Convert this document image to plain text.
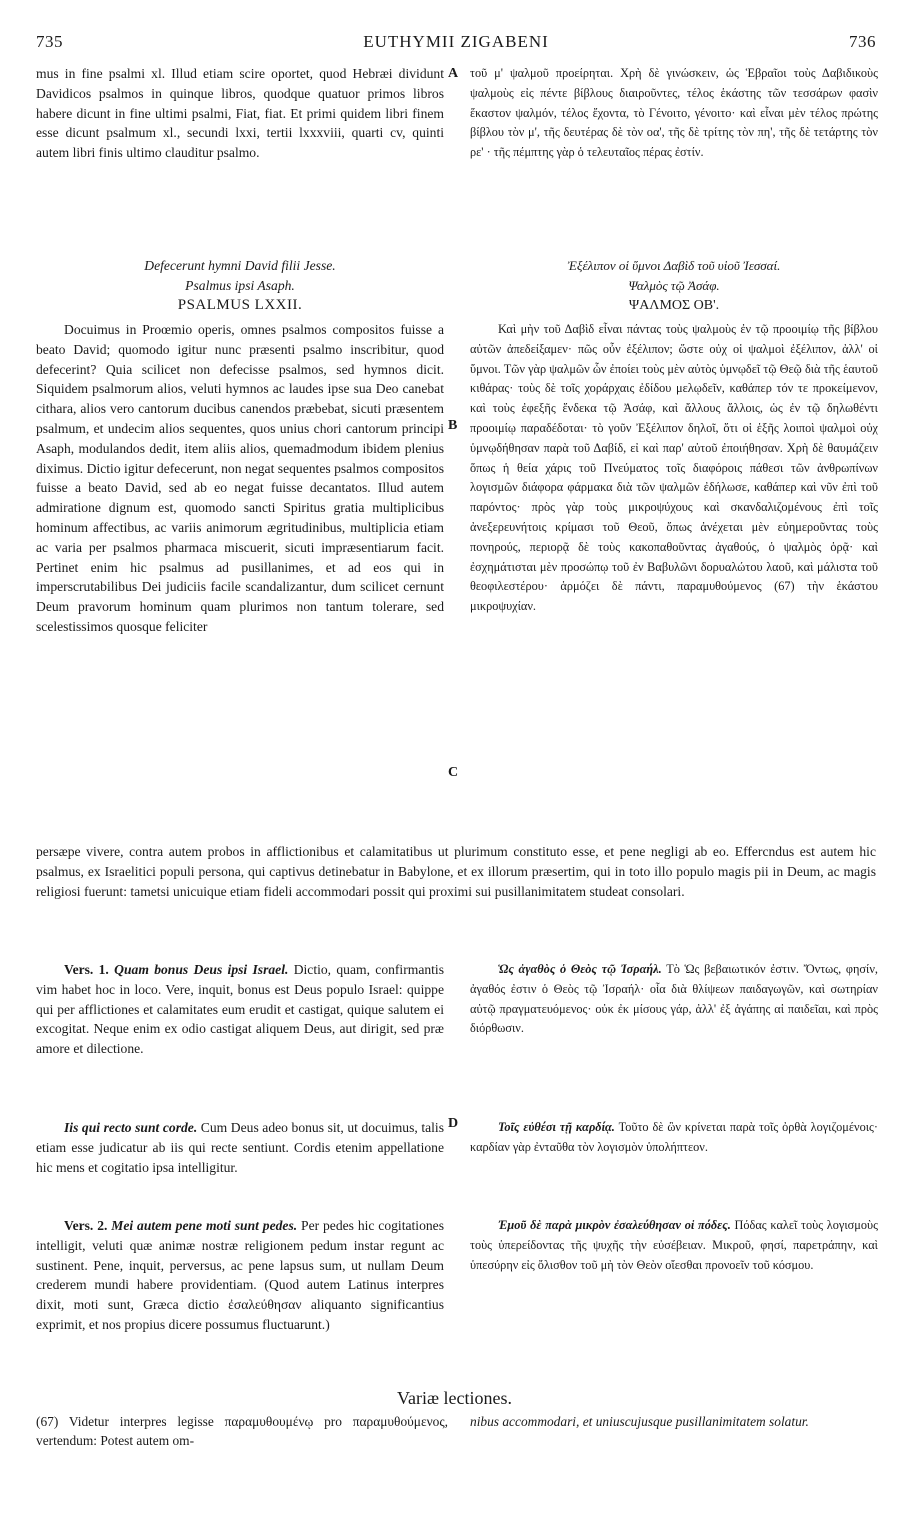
735	EUTHYMII ZIGABENI	736
A
B
C
D

mus in fine psalmi xl. Illud etiam scire oportet, quod Hebræi dividunt Davidicos psalmos in quinque libros, quodque quatuor primos libros habere dicunt in fine ultimi psalmi, Fiat, fiat. Et primi quidem libri finem esse dicunt psalmum xl., secundi lxxi, tertii lxxxviii, quarti cv, quinti autem libri finis ultimo clauditur psalmo.

τοῦ μ' ψαλμοῦ προείρηται. Χρὴ δὲ γινώσκειν, ὡς Ἑβραῖοι τοὺς Δαβιδικοὺς ψαλμοὺς εἰς πέντε βίβλους διαιροῦντες, τέλος ἑκάστης τῶν τεσσάρων φασὶν ἕκαστον ψαλμόν, τέλος ἔχοντα, τὸ Γένοιτο, γένοιτο· καὶ εἶναι μὲν τέλος πρώτης βίβλου τὸν μ', τῆς δευτέρας δὲ τὸν οα', τῆς δὲ τρίτης τὸν πη', τῆς δὲ τετάρτης τὸν ρε' · τῆς πέμπτης γὰρ ὁ τελευταῖος πέρας ἐστίν.

Defecerunt hymni David filii Jesse.

Psalmus ipsi Asaph.

PSALMUS LXXII.

Ἐξέλιπον οἱ ὕμνοι Δαβὶδ τοῦ υἱοῦ Ἰεσσαί.

Ψαλμὸς τῷ Ἀσάφ.

ΨΑΛΜΟΣ ΟΒ'.

Docuimus in Proœmio operis, omnes psalmos compositos fuisse a beato David; quomodo igitur nunc præsenti psalmo inscribitur, quod defecerint? Quia scilicet non defecisse psalmos, sed hymnos dicit. Siquidem psalmorum alios, veluti hymnos ac laudes ipse sua Deo canebat cithara, alios vero cantorum ducibus canendos præbebat, sicuti præsentem psalmum, et undecim alios sequentes, quos unius chori cantorum principi Asaph, modulandos dedit, item aliis alios, quemadmodum ibidem plenius diximus. Dictio igitur defecerunt, non negat sequentes psalmos compositos fuisse a beato David, sed ab eo negat fuisse decantatos. Illud autem admiratione dignum est, quomodo sancti Spiritus gratia multiplicibus hominum affectibus, ac variis animorum ægritudinibus, multiplicia etiam ac varia per psalmos pharmaca miscuerit, sicuti impræsentiarum facit. Pertinet enim hic psalmus ad pusillanimes, et ad eos qui in imperscrutabilibus Dei judiciis facile scandalizantur, dum scilicet cernunt Deum pravorum hominum quam plurimos non tantum tolerare, sed scelestissimos quosque feliciter

Καὶ μὴν τοῦ Δαβὶδ εἶναι πάντας τοὺς ψαλμοὺς ἐν τῷ προοιμίῳ τῆς βίβλου αὐτῶν ἀπεδείξαμεν· πῶς οὖν ἐξέλιπον; ὥστε οὐχ οἱ ψαλμοὶ ἐξέλιπον, ἀλλ' οἱ ὕμνοι. Τῶν γὰρ ψαλμῶν ὧν ἐποίει τοὺς μὲν αὐτὸς ὑμνῳδεῖ τῷ Θεῷ διὰ τῆς ἑαυτοῦ κιθάρας· τοὺς δὲ τοῖς χοράρχαις ἐδίδου μελῳδεῖν, καθάπερ τόν τε προκείμενον, καὶ τοὺς ἐφεξῆς ἕνδεκα τῷ Ἀσάφ, καὶ ἄλλους ἄλλοις, ὡς ἐν τῷ δηλωθέντι προοιμίῳ παραδέδοται· τὸ γοῦν Ἐξέλιπον δηλοῖ, ὅτι οἱ ἑξῆς λοιποὶ ψαλμοὶ οὐχ ὑμνῳδήθησαν παρὰ τοῦ Δαβίδ, εἰ καὶ παρ' αὐτοῦ ἐποιήθησαν. Χρὴ δὲ θαυμάζειν ὅπως ἡ θεία χάρις τοῦ Πνεύματος τοῖς διαφόροις πάθεσι τῶν ἀνθρωπίνων λογισμῶν διάφορα φάρμακα διὰ τῶν ψαλμῶν ἐδήλωσε, καθάπερ καὶ νῦν ἐπὶ τοῦ παρόντος· πρὸς γὰρ τοὺς μικροψύχους καὶ σκανδαλιζομένους ἐπὶ τοῖς ἀνεξερευνήτοις κρίμασι τοῦ Θεοῦ, ὅπως ἀνέχεται μὲν εὐημεροῦντας τοὺς πονηρούς, περιορᾷ δὲ τοὺς κακοπαθοῦντας ἀγαθούς, ὁ ψαλμὸς ὁρᾷ· καὶ ἐσχημάτισται μὲν προσώπῳ τοῦ ἐν Βαβυλῶνι δορυαλώτου λαοῦ, καὶ μάλιστα τοῦ θεοφιλεστέρου· ἁρμόζει δὲ πάντι, παραμυθούμενος (67) τὴν ἑκάστου μικροψυχίαν.

persæpe vivere, contra autem probos in afflictionibus et calamitatibus ut plurimum constituto esse, et pene negligi ab eo. Effercndus est autem hic psalmus, ex Israelitici populi persona, qui captivus detinebatur in Babylone, et ex illorum præsertim, qui in toto illo populo magis pii in Deum, ac magis religiosi fuerunt: tametsi unicuique etiam fideli accommodari possit qui proximi sui pusillanimitatem studeat consolari.

Vers. 1. Quam bonus Deus ipsi Israel. Dictio, quam, confirmantis vim habet hoc in loco. Vere, inquit, bonus est Deus populo Israel: quippe qui per afflictiones et calamitates eum erudit et castigat, quique salutem ei excogitat. Neque enim ex odio castigat aliquem Deus, aut dirigit, sed præ amore et dilectione.

Ὡς ἀγαθὸς ὁ Θεὸς τῷ Ἰσραήλ. Τὸ Ὡς βεβαιωτικόν ἐστιν. Ὄντως, φησίν, ἀγαθός ἐστιν ὁ Θεὸς τῷ Ἰσραήλ· οἷα διὰ θλίψεων παιδαγωγῶν, καὶ σωτηρίαν αὐτῷ πραγματευόμενος· οὐκ ἐκ μίσους γάρ, ἀλλ' ἐξ ἀγάπης αἱ παιδεῖαι, καὶ πρὸς διόρθωσιν.

Iis qui recto sunt corde. Cum Deus adeo bonus sit, ut docuimus, talis etiam esse judicatur ab iis qui recte sentiunt. Cordis etenim appellatione hic mens et cogitatio ipsa intelligitur.

Τοῖς εὐθέσι τῇ καρδίᾳ. Τοῦτο δὲ ὢν κρίνεται παρὰ τοῖς ὀρθὰ λογιζομένοις· καρδίαν γὰρ ἐνταῦθα τὸν λογισμὸν ὑπολήπτεον.

Vers. 2. Mei autem pene moti sunt pedes. Per pedes hic cogitationes intelligit, veluti quæ animæ nostræ religionem pedum instar regunt ac sustinent. Pene, inquit, perversus, ac pene lapsus sum, ut nullam Deum crederem mundi habere providentiam. (Quod autem Latinus interpres dixit, moti sunt, Græca dictio ἐσαλεύθησαν aliquanto significantius exprimit, et nos propius dicere possumus fluctuarunt.)

Ἐμοῦ δὲ παρὰ μικρὸν ἐσαλεύθησαν οἱ πόδες. Πόδας καλεῖ τοὺς λογισμοὺς τοὺς ὑπερείδοντας τῆς ψυχῆς τὴν εὐσέβειαν. Μικροῦ, φησί, παρετράπην, καὶ ὑπεσύρην εἰς ὄλισθον τοῦ μὴ τὸν Θεὸν οἴεσθαι προνοεῖν τοῦ κόσμου.

Variæ lectiones.
(67) Videtur interpres legisse παραμυθουμένῳ pro παραμυθούμενος, vertendum: Potest autem om-
nibus accommodari, et uniuscujusque pusillanimitatem solatur.
